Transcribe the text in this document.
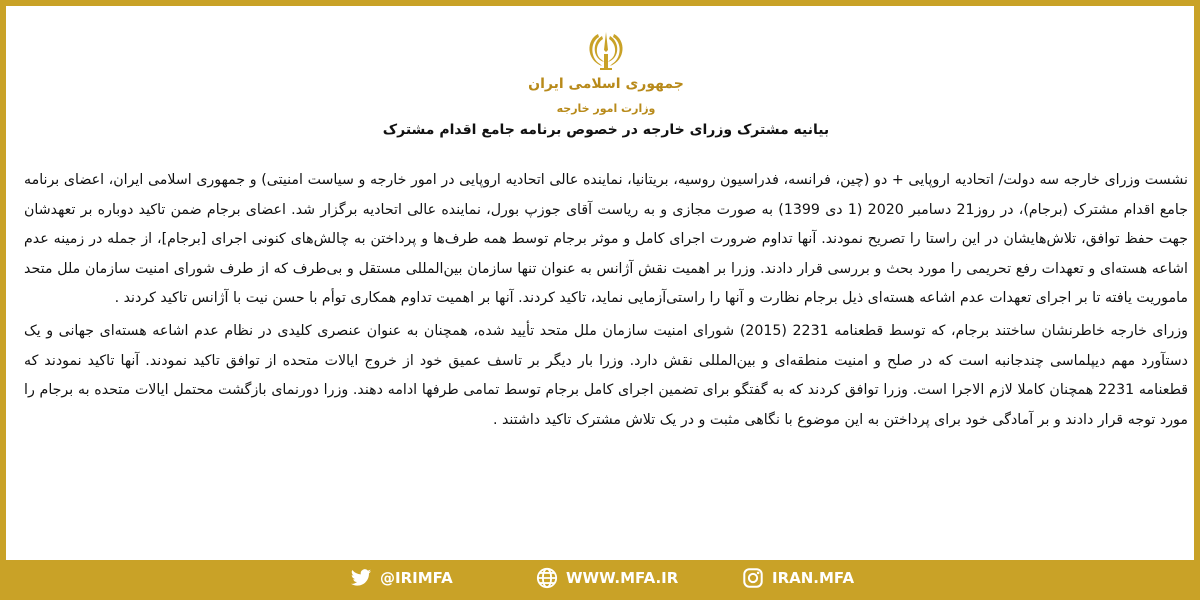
جمهوری اسلامی ایران
وزارت امور خارجه
بیانیه مشترک وزرای خارجه در خصوص برنامه جامع اقدام مشترک

نشست وزرای خارجه سه دولت/ اتحادیه اروپایی + دو (چین، فرانسه، فدراسیون روسیه، بریتانیا، نماینده عالی اتحادیه اروپایی در امور خارجه و سیاست امنیتی) و جمهوری اسلامی ایران، اعضای برنامه جامع اقدام مشترک (برجام)، در روز21 دسامبر 2020 (1 دی 1399) به صورت مجازی و به ریاست آقای جوزپ بورل، نماینده عالی اتحادیه برگزار شد. اعضای برجام ضمن تاکید دوباره بر تعهدشان جهت حفظ توافق، تلاش‌هایشان در این راستا را تصریح نمودند. آنها تداوم ضرورت اجرای کامل و موثر برجام توسط همه طرف‌ها و پرداختن به چالش‌های کنونی اجرای [برجام]، از جمله در زمینه عدم اشاعه هسته‌ای و تعهدات رفع تحریمی را مورد بحث و بررسی قرار دادند. وزرا بر اهمیت نقش آژانس به عنوان تنها سازمان بین‌المللی مستقل و بی‌طرف که از طرف شورای امنیت سازمان ملل متحد ماموریت یافته تا بر اجرای تعهدات عدم اشاعه هسته‌ای ذیل برجام نظارت و آنها را راستی‌آزمایی نماید، تاکید کردند. آنها بر اهمیت تداوم همکاری توأم با حسن نیت با آژانس تاکید کردند .

وزرای خارجه خاطرنشان ساختند برجام، که توسط قطعنامه 2231 (2015) شورای امنیت سازمان ملل متحد تأیید شده، همچنان به عنوان عنصری کلیدی در نظام عدم اشاعه هسته‌ای جهانی و یک دستآورد مهم دیپلماسی چندجانبه است که در صلح و امنیت منطقه‌ای و بین‌المللی نقش دارد. وزرا بار دیگر بر تاسف عمیق خود از خروج ایالات متحده از توافق تاکید نمودند. آنها تاکید نمودند که قطعنامه 2231 همچنان کاملا لازم الاجرا است. وزرا توافق کردند که به گفتگو برای تضمین اجرای کامل برجام توسط تمامی طرفها ادامه دهند. وزرا دورنمای بازگشت محتمل ایالات متحده به برجام را مورد توجه قرار دادند و بر آمادگی خود برای پرداختن به این موضوع با نگاهی مثبت و در یک تلاش مشترک تاکید داشتند .

@IRIMFA	WWW.MFA.IR	IRAN.MFA
